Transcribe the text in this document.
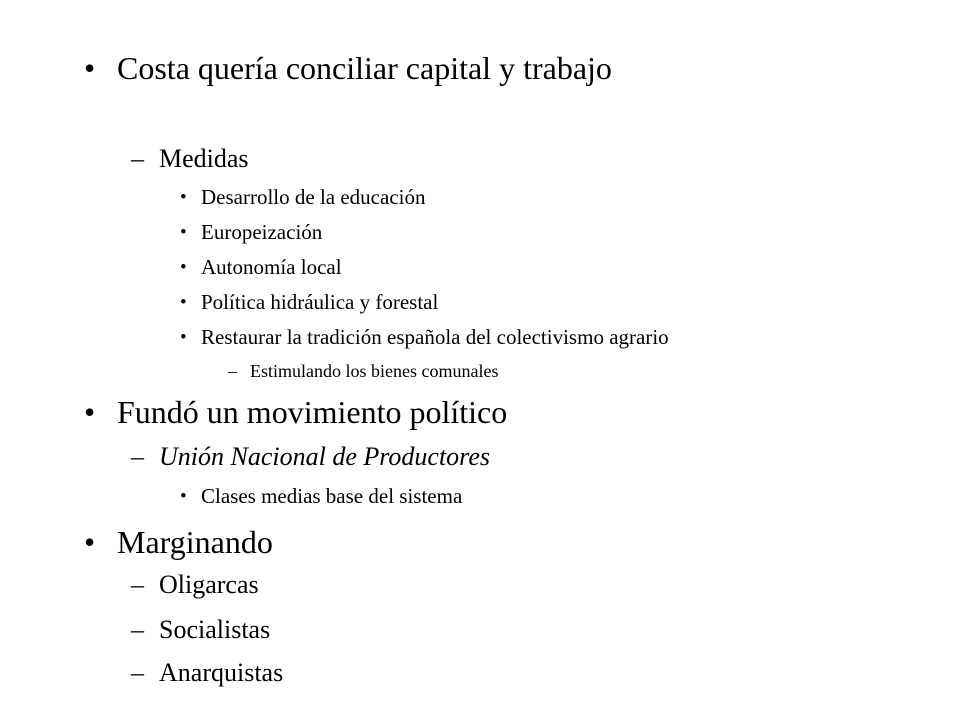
• Costa quería conciliar capital y trabajo
– Medidas
• Desarrollo de la educación
• Europeización
• Autonomía local
• Política hidráulica y forestal
• Restaurar la tradición española del colectivismo agrario
– Estimulando los bienes comunales
• Fundó un movimiento político
– Unión Nacional de Productores
• Clases medias base del sistema
• Marginando
– Oligarcas
– Socialistas
– Anarquistas
